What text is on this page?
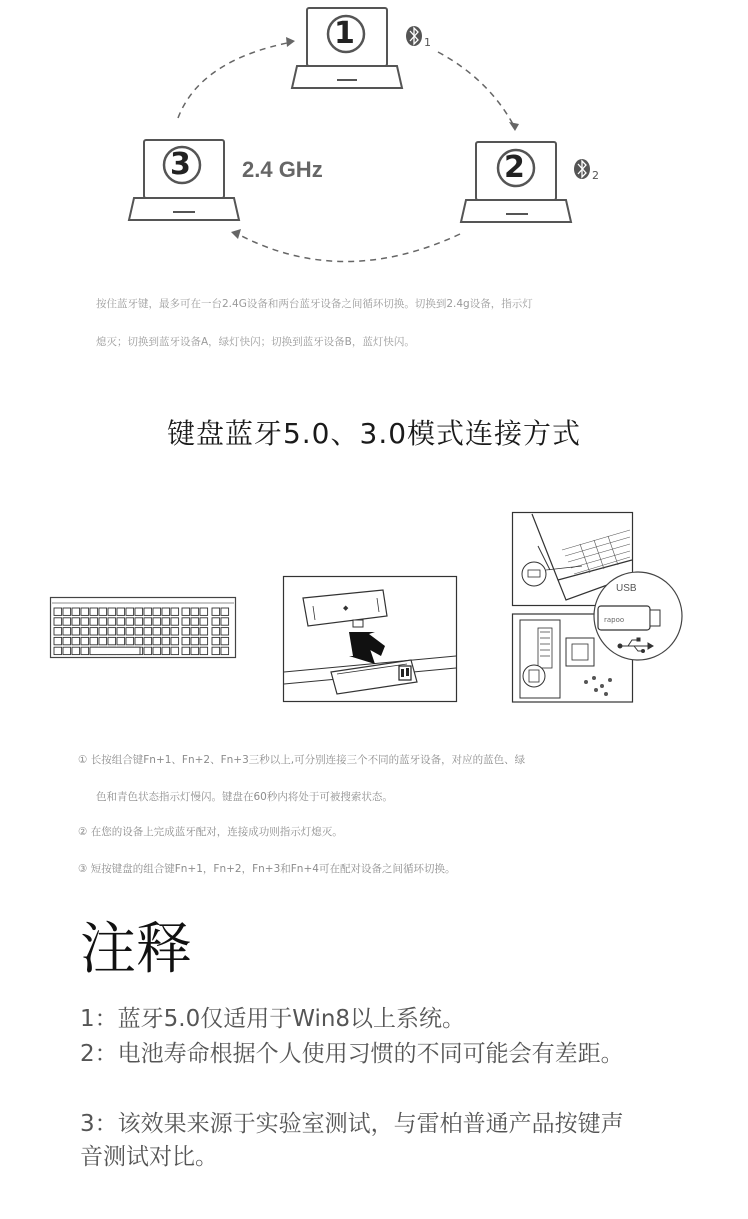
1
2
3
1
2
2.4 GHz
按住蓝牙键，最多可在一台2.4G设备和两台蓝牙设备之间循环切换。切换到2.4g设备，指示灯
熄灭；切换到蓝牙设备A，绿灯快闪；切换到蓝牙设备B，蓝灯快闪。
键盘蓝牙5.0、3.0模式连接方式
◆
rapoo
USB
① 长按组合键Fn+1、Fn+2、Fn+3三秒以上,可分别连接三个不同的蓝牙设备，对应的蓝色、绿
色和青色状态指示灯慢闪。键盘在60秒内将处于可被搜索状态。
② 在您的设备上完成蓝牙配对，连接成功则指示灯熄灭。
③ 短按键盘的组合键Fn+1，Fn+2，Fn+3和Fn+4可在配对设备之间循环切换。
注释
1：蓝牙5.0仅适用于Win8以上系统。
2：电池寿命根据个人使用习惯的不同可能会有差距。
3：该效果来源于实验室测试，与雷柏普通产品按键声音测试对比。
